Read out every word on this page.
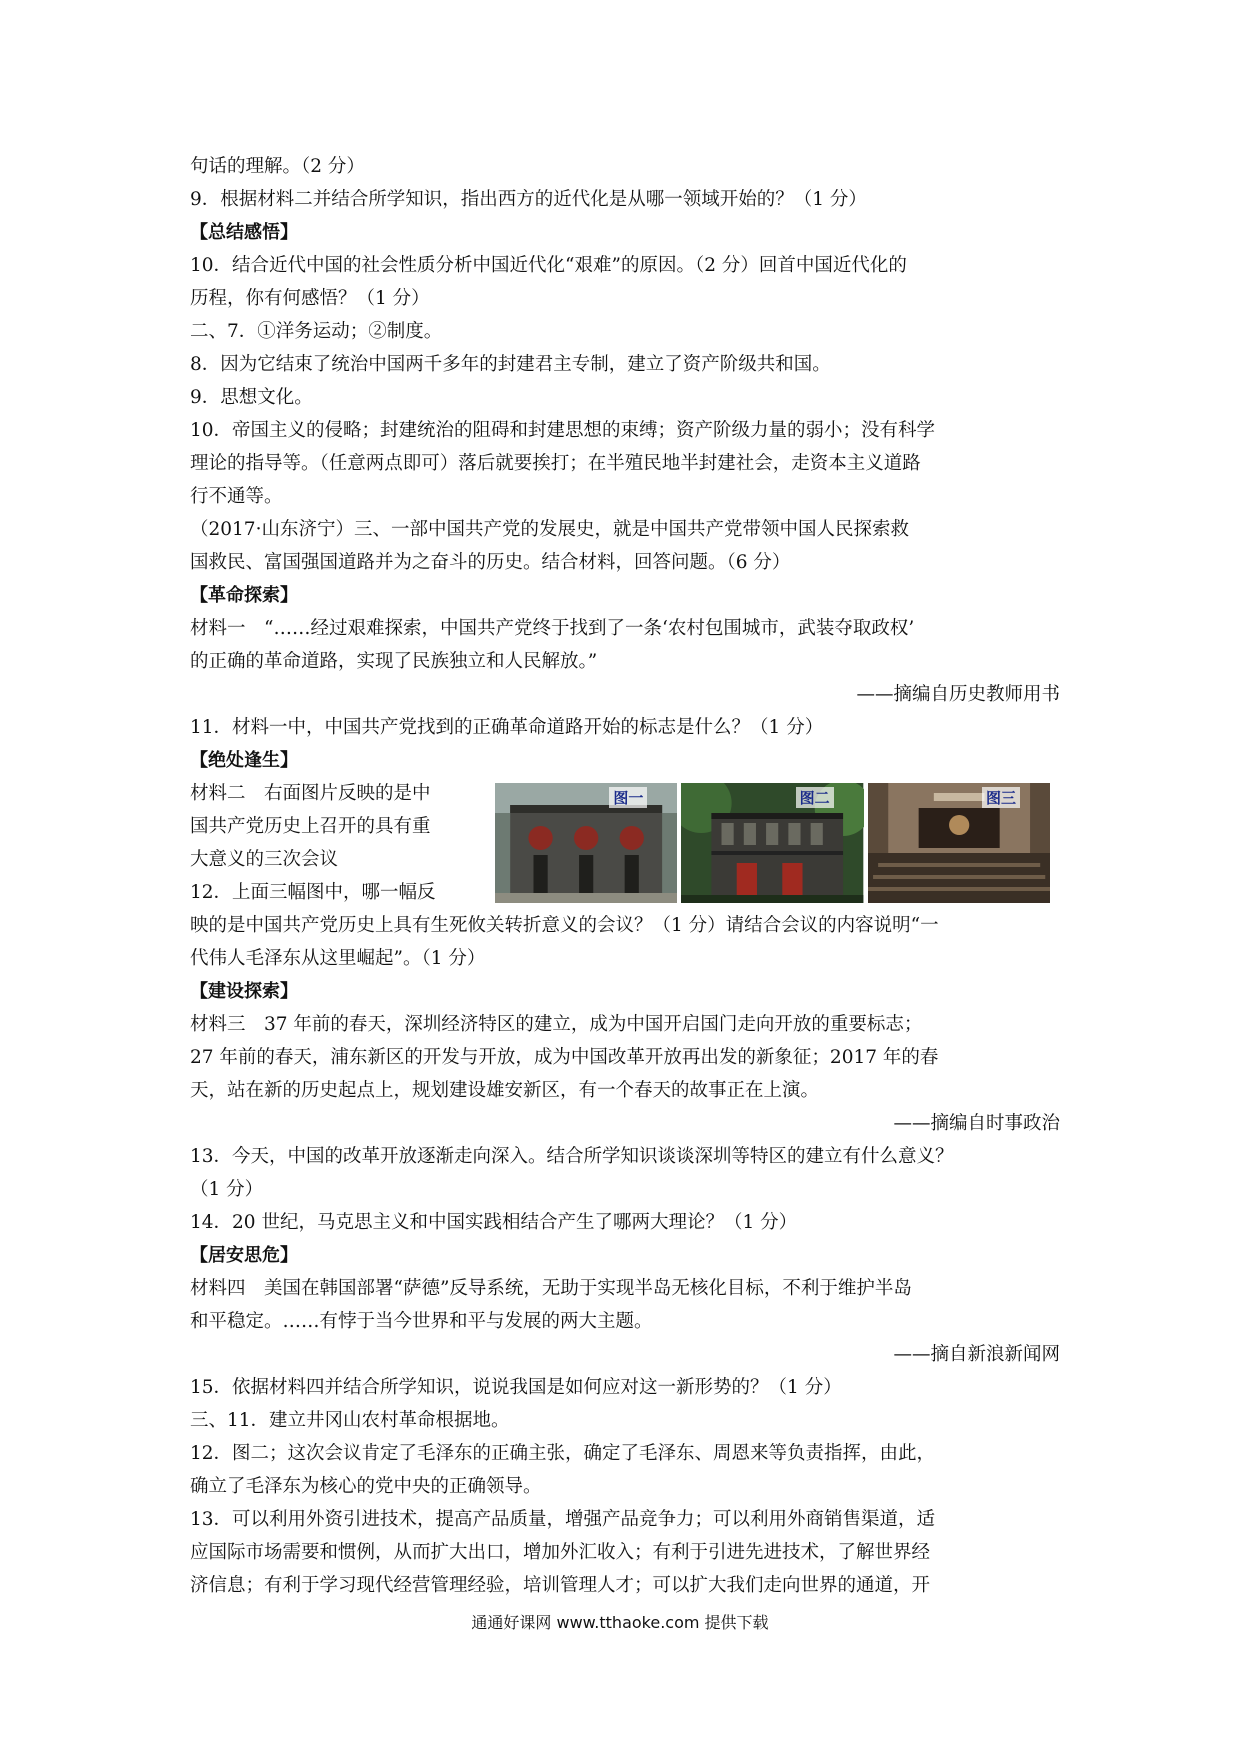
句话的理解。（2 分）
9．根据材料二并结合所学知识，指出西方的近代化是从哪一领域开始的？（1 分）
【总结感悟】
10．结合近代中国的社会性质分析中国近代化“艰难”的原因。（2 分）回首中国近代化的
历程，你有何感悟？（1 分）
二、7．①洋务运动；②制度。
8．因为它结束了统治中国两千多年的封建君主专制，建立了资产阶级共和国。
9．思想文化。
10．帝国主义的侵略；封建统治的阻碍和封建思想的束缚；资产阶级力量的弱小；没有科学
理论的指导等。（任意两点即可）落后就要挨打；在半殖民地半封建社会，走资本主义道路
行不通等。
（2017·山东济宁）三、一部中国共产党的发展史，就是中国共产党带领中国人民探索救
国救民、富国强国道路并为之奋斗的历史。结合材料，回答问题。（6 分）
【革命探索】
材料一　“……经过艰难探索，中国共产党终于找到了一条‘农村包围城市，武装夺取政权’
的正确的革命道路，实现了民族独立和人民解放。”
——摘编自历史教师用书
11．材料一中，中国共产党找到的正确革命道路开始的标志是什么？（1 分）
【绝处逢生】
材料二　右面图片反映的是中
国共产党历史上召开的具有重
大意义的三次会议
12．上面三幅图中，哪一幅反
图一	图二	图三
映的是中国共产党历史上具有生死攸关转折意义的会议？（1 分）请结合会议的内容说明“一
代伟人毛泽东从这里崛起”。（1 分）
【建设探索】
材料三　37 年前的春天，深圳经济特区的建立，成为中国开启国门走向开放的重要标志；
27 年前的春天，浦东新区的开发与开放，成为中国改革开放再出发的新象征；2017 年的春
天，站在新的历史起点上，规划建设雄安新区，有一个春天的故事正在上演。
——摘编自时事政治
13．今天，中国的改革开放逐渐走向深入。结合所学知识谈谈深圳等特区的建立有什么意义？
（1 分）
14．20 世纪，马克思主义和中国实践相结合产生了哪两大理论？（1 分）
【居安思危】
材料四　美国在韩国部署“萨德”反导系统，无助于实现半岛无核化目标，不利于维护半岛
和平稳定。……有悖于当今世界和平与发展的两大主题。
——摘自新浪新闻网
15．依据材料四并结合所学知识，说说我国是如何应对这一新形势的？（1 分）
三、11．建立井冈山农村革命根据地。
12．图二；这次会议肯定了毛泽东的正确主张，确定了毛泽东、周恩来等负责指挥，由此，
确立了毛泽东为核心的党中央的正确领导。
13．可以利用外资引进技术，提高产品质量，增强产品竞争力；可以利用外商销售渠道，适
应国际市场需要和惯例，从而扩大出口，增加外汇收入；有利于引进先进技术，了解世界经
济信息；有利于学习现代经营管理经验，培训管理人才；可以扩大我们走向世界的通道，开
通通好课网 www.tthaoke.com 提供下载
